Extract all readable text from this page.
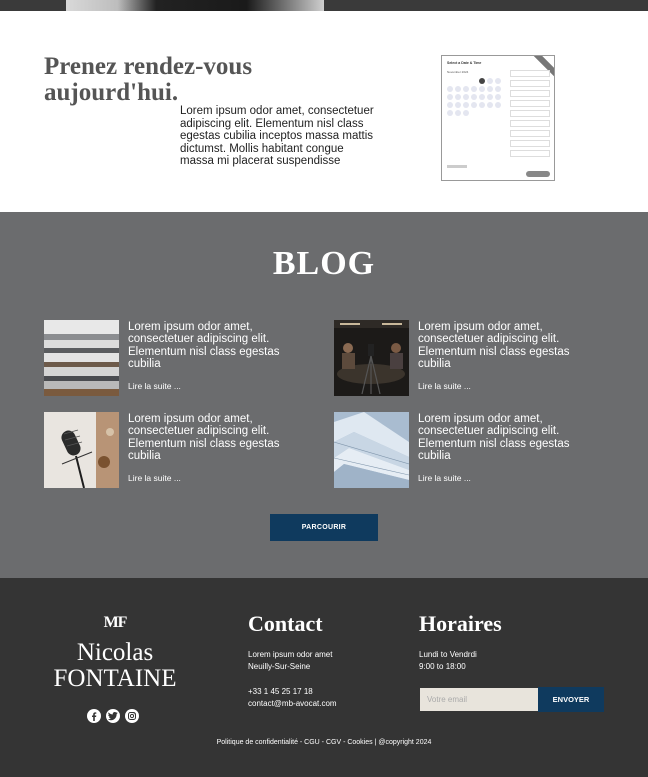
Prenez rendez-vous aujourd'hui.

Lorem ipsum odor amet, consectetuer adipiscing elit. Elementum nisl class egestas cubilia inceptos massa mattis dictumst. Mollis habitant congue massa mi placerat suspendisse

Select a Date & Time
November 2024
BLOG

Lorem ipsum odor amet, consectetuer adipiscing elit. Elementum nisl class egestas cubilia

Lire la suite ...

Lorem ipsum odor amet, consectetuer adipiscing elit. Elementum nisl class egestas cubilia

Lire la suite ...

Lorem ipsum odor amet, consectetuer adipiscing elit. Elementum nisl class egestas cubilia

Lire la suite ...

Lorem ipsum odor amet, consectetuer adipiscing elit. Elementum nisl class egestas cubilia

Lire la suite ...
PARCOURIR
MF
Nicolas
FONTAINE
Contact
Lorem ipsum odor amet
Neuilly-Sur-Seine
+33 1 45 25 17 18
contact@mb-avocat.com
Horaires
Lundi to Vendrdi
9:00 to 18:00
Votre email
ENVOYER
Politique de confidentialité - CGU - CGV - Cookies | @copyright 2024
